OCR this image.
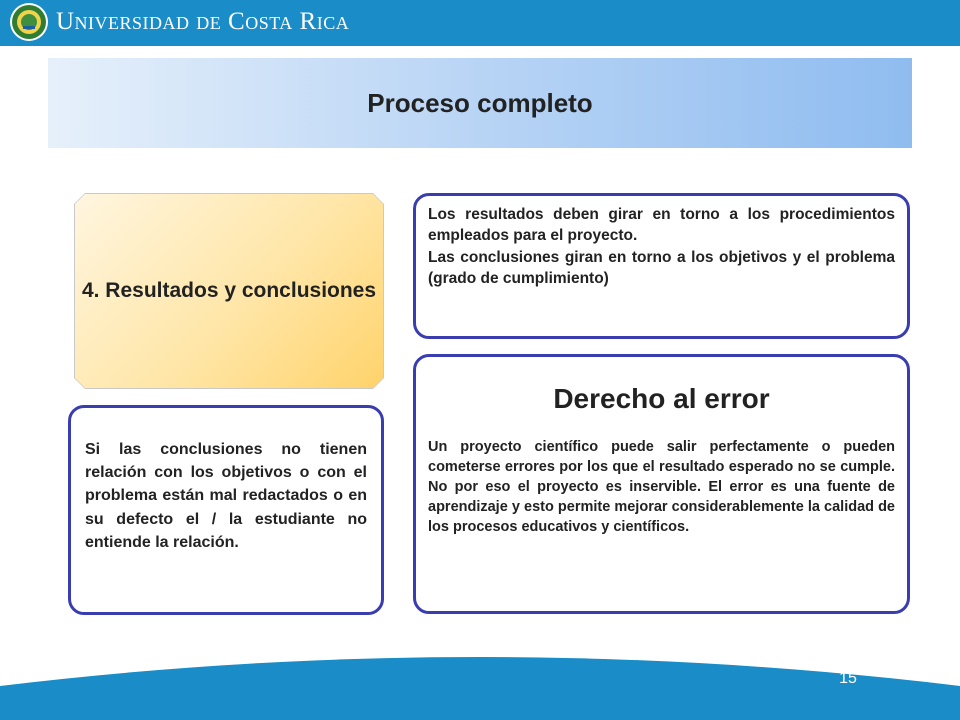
Universidad de Costa Rica
Proceso completo
4. Resultados y conclusiones

Los resultados deben girar en torno a los procedimientos empleados para el proyecto.

Las conclusiones giran en torno a los objetivos y el problema (grado de cumplimiento)

Si las conclusiones no tienen relación con los objetivos o con el problema están mal redactados o en su defecto el / la estudiante no entiende la relación.

Derecho al error

Un proyecto científico puede salir perfectamente o pueden cometerse errores por los que el resultado esperado no se cumple. No por eso el proyecto es inservible. El error es una fuente de aprendizaje y esto permite mejorar considerablemente la calidad de los procesos educativos y científicos.

15
